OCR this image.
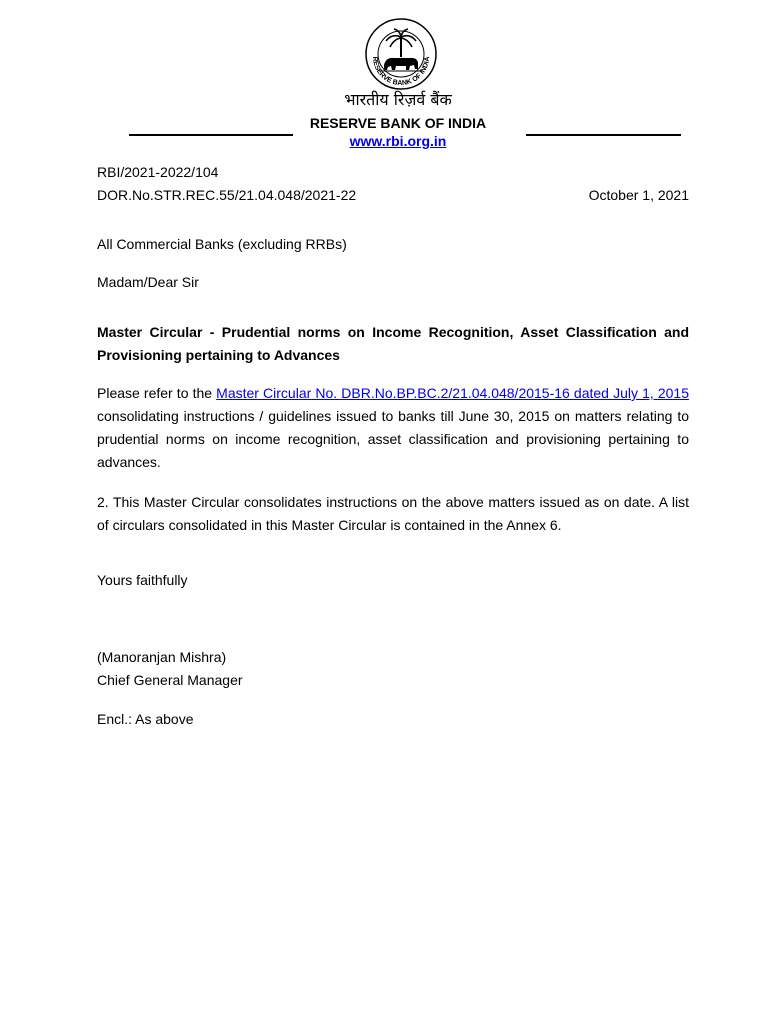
RESERVE BANK OF INDIA
भारतीय रिज़र्व बैंक
RESERVE BANK OF INDIA
www.rbi.org.in
RBI/2021-2022/104
DOR.No.STR.REC.55/21.04.048/2021-22	October 1, 2021
All Commercial Banks (excluding RRBs)
Madam/Dear Sir
Master Circular - Prudential norms on Income Recognition, Asset Classification and Provisioning pertaining to Advances
Please refer to the Master Circular No. DBR.No.BP.BC.2/21.04.048/2015-16 dated July 1, 2015 consolidating instructions / guidelines issued to banks till June 30, 2015 on matters relating to prudential norms on income recognition, asset classification and provisioning pertaining to advances.
2. This Master Circular consolidates instructions on the above matters issued as on date. A list of circulars consolidated in this Master Circular is contained in the Annex 6.
Yours faithfully
(Manoranjan Mishra)
Chief General Manager
Encl.: As above
